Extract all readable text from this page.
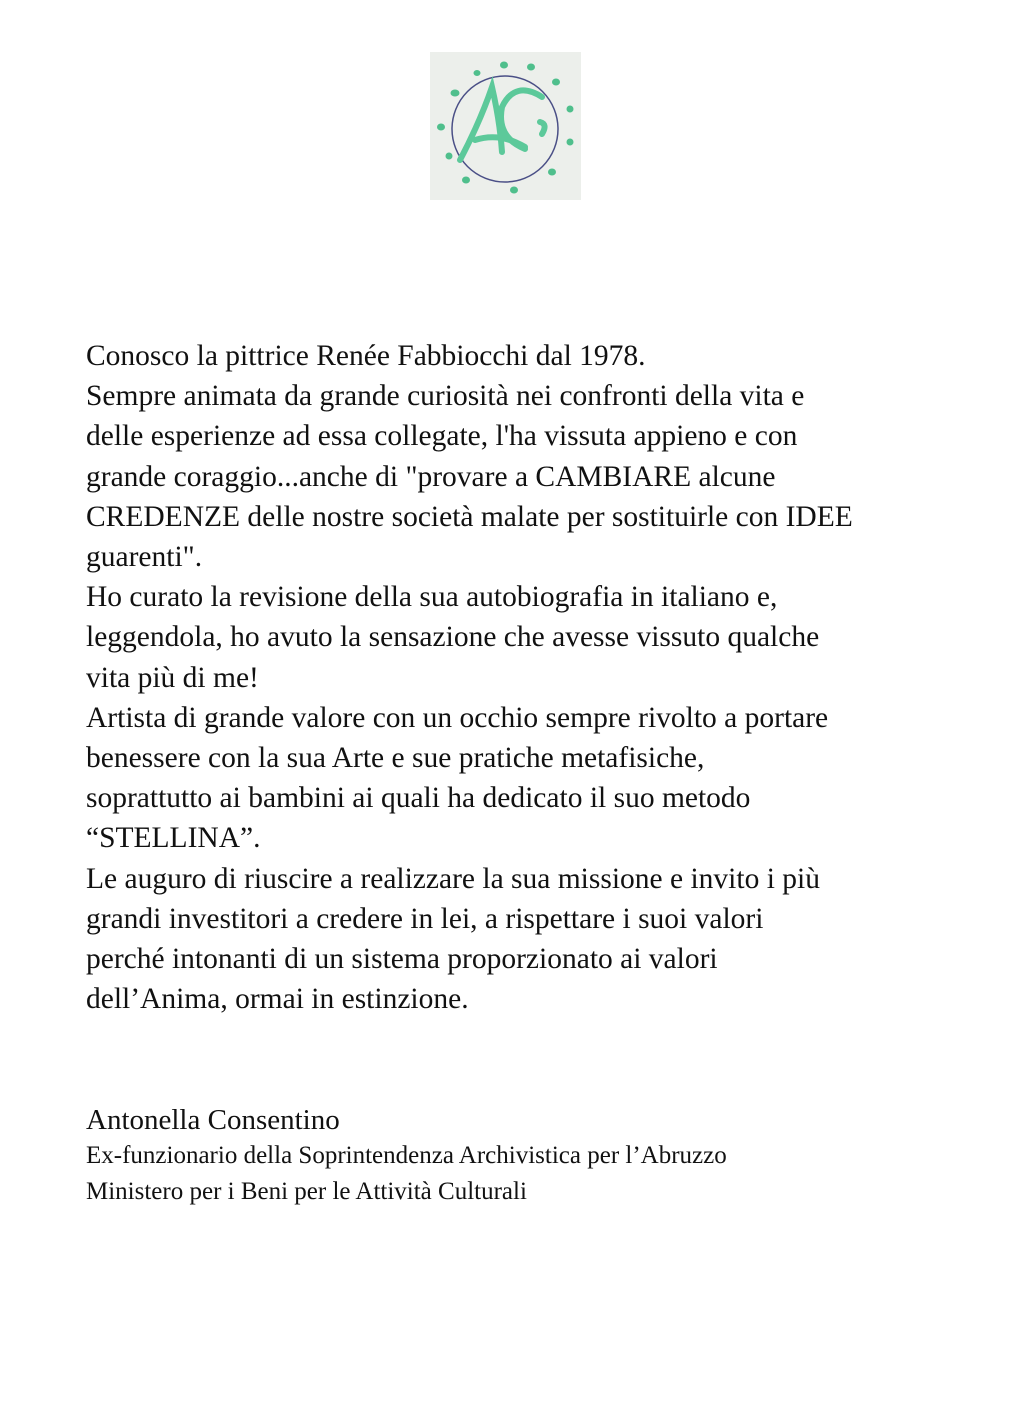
Conosco la pittrice Renée Fabbiocchi dal 1978.
Sempre animata da grande curiosità nei confronti della vita e
delle esperienze ad essa collegate, l'ha vissuta appieno e con
grande coraggio...anche di "provare a CAMBIARE alcune
CREDENZE delle nostre società malate per sostituirle con IDEE
guarenti".
Ho curato la revisione della sua autobiografia in italiano e,
leggendola, ho avuto la sensazione che avesse vissuto qualche
vita più di me!
Artista di grande valore con un occhio sempre rivolto a portare
benessere con la sua Arte e sue pratiche metafisiche,
soprattutto ai bambini ai quali ha dedicato il suo metodo
“STELLINA”.
Le auguro di riuscire a realizzare la sua missione e invito i più
grandi investitori a credere in lei, a rispettare i suoi valori
perché intonanti di un sistema proporzionato ai valori
dell’Anima, ormai in estinzione.
Antonella Consentino
Ex-funzionario della Soprintendenza Archivistica per l’Abruzzo
Ministero per i Beni per le Attività Culturali
